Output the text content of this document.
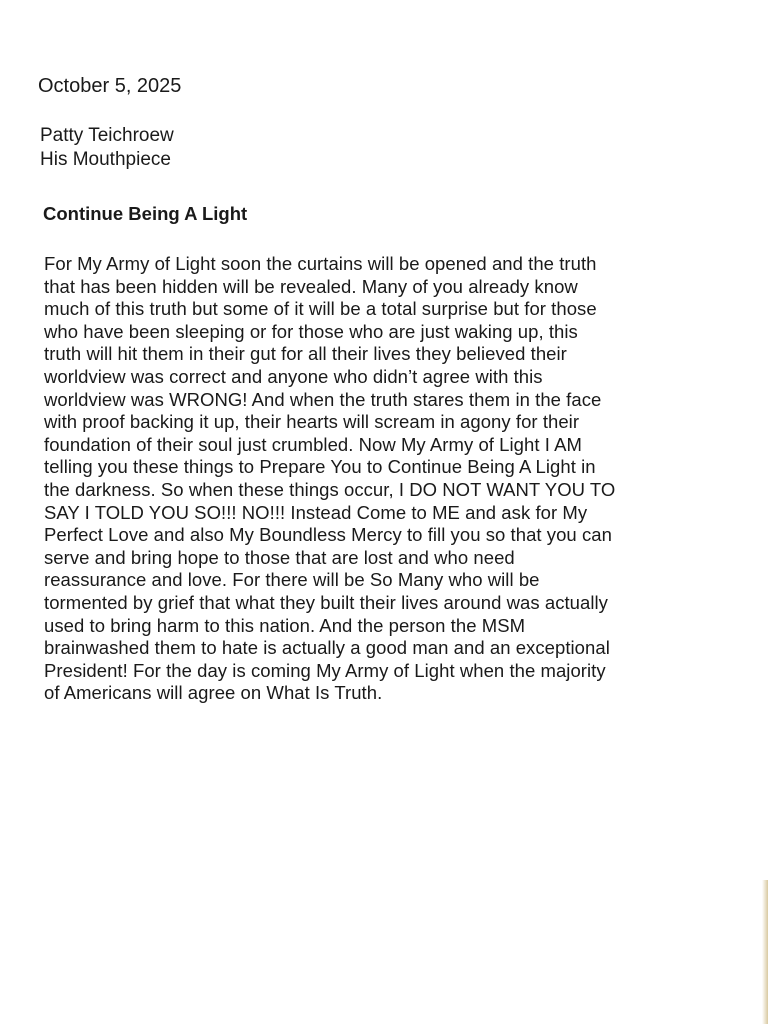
October 5, 2025
Patty Teichroew
His Mouthpiece
Continue Being A Light
For My Army of Light soon the curtains will be opened and the truth
that has been hidden will be revealed. Many of you already know
much of this truth but some of it will be a total surprise but for those
who have been sleeping or for those who are just waking up, this
truth will hit them in their gut for all their lives they believed their
worldview was correct and anyone who didn’t agree with this
worldview was WRONG! And when the truth stares them in the face
with proof backing it up, their hearts will scream in agony for their
foundation of their soul just crumbled. Now My Army of Light I AM
telling you these things to Prepare You to Continue Being A Light in
the darkness. So when these things occur, I DO NOT WANT YOU TO
SAY I TOLD YOU SO!!! NO!!! Instead Come to ME and ask for My
Perfect Love and also My Boundless Mercy to fill you so that you can
serve and bring hope to those that are lost and who need
reassurance and love. For there will be So Many who will be
tormented by grief that what they built their lives around was actually
used to bring harm to this nation. And the person the MSM
brainwashed them to hate is actually a good man and an exceptional
President! For the day is coming My Army of Light when the majority
of Americans will agree on What Is Truth.
